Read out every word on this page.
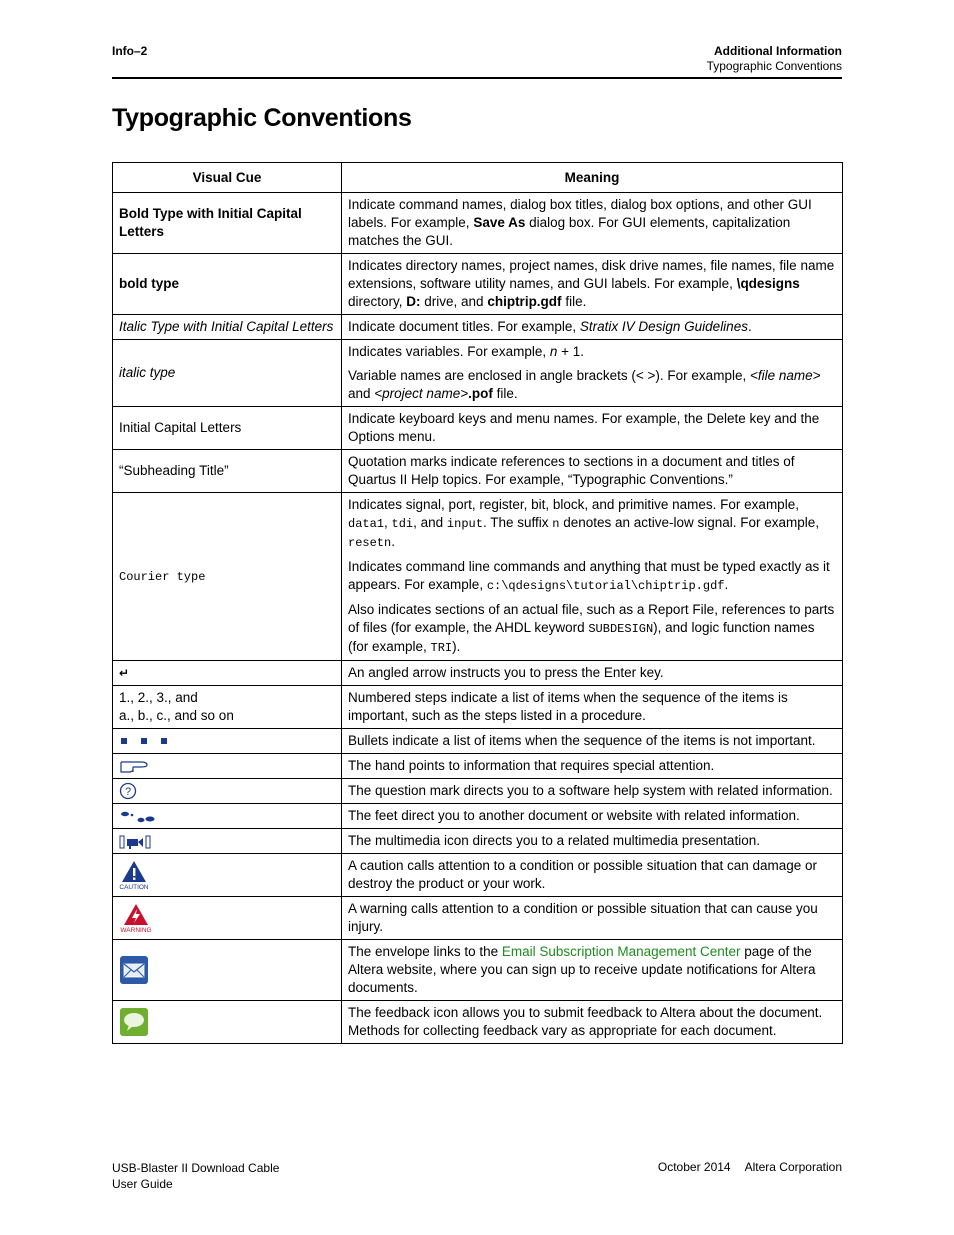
Info–2	Additional Information
Typographic Conventions
Typographic Conventions
Visual Cue	Meaning
Bold Type with Initial Capital Letters	Indicate command names, dialog box titles, dialog box options, and other GUI labels. For example, Save As dialog box. For GUI elements, capitalization matches the GUI.
bold type	Indicates directory names, project names, disk drive names, file names, file name extensions, software utility names, and GUI labels. For example, \qdesigns directory, D: drive, and chiptrip.gdf file.
Italic Type with Initial Capital Letters	Indicate document titles. For example, Stratix IV Design Guidelines.
italic type	Indicates variables. For example, n + 1.

Variable names are enclosed in angle brackets (< >). For example, <file name> and <project name>.pof file.

Initial Capital Letters	Indicate keyboard keys and menu names. For example, the Delete key and the Options menu.
“Subheading Title”	Quotation marks indicate references to sections in a document and titles of Quartus II Help topics. For example, “Typographic Conventions.”
Courier type	Indicates signal, port, register, bit, block, and primitive names. For example, data1, tdi, and input. The suffix n denotes an active-low signal. For example, resetn.

Indicates command line commands and anything that must be typed exactly as it appears. For example, c:\qdesigns\tutorial\chiptrip.gdf.

Also indicates sections of an actual file, such as a Report File, references to parts of files (for example, the AHDL keyword SUBDESIGN), and logic function names (for example, TRI).

↵	An angled arrow instructs you to press the Enter key.

1., 2., 3., and
a., b., c., and so on	Numbered steps indicate a list of items when the sequence of the items is important, such as the steps listed in a procedure.
	Bullets indicate a list of items when the sequence of the items is not important.
	The hand points to information that requires special attention.

?	The question mark directs you to a software help system with related information.
	The feet direct you to another document or website with related information.
	The multimedia icon directs you to a related multimedia presentation.

CAUTION	A caution calls attention to a condition or possible situation that can damage or destroy the product or your work.

WARNING	A warning calls attention to a condition or possible situation that can cause you injury.
	The envelope links to the Email Subscription Management Center page of the Altera website, where you can sign up to receive update notifications for Altera documents.
	The feedback icon allows you to submit feedback to Altera about the document. Methods for collecting feedback vary as appropriate for each document.
USB-Blaster II Download Cable
User Guide
October 2014 Altera Corporation
